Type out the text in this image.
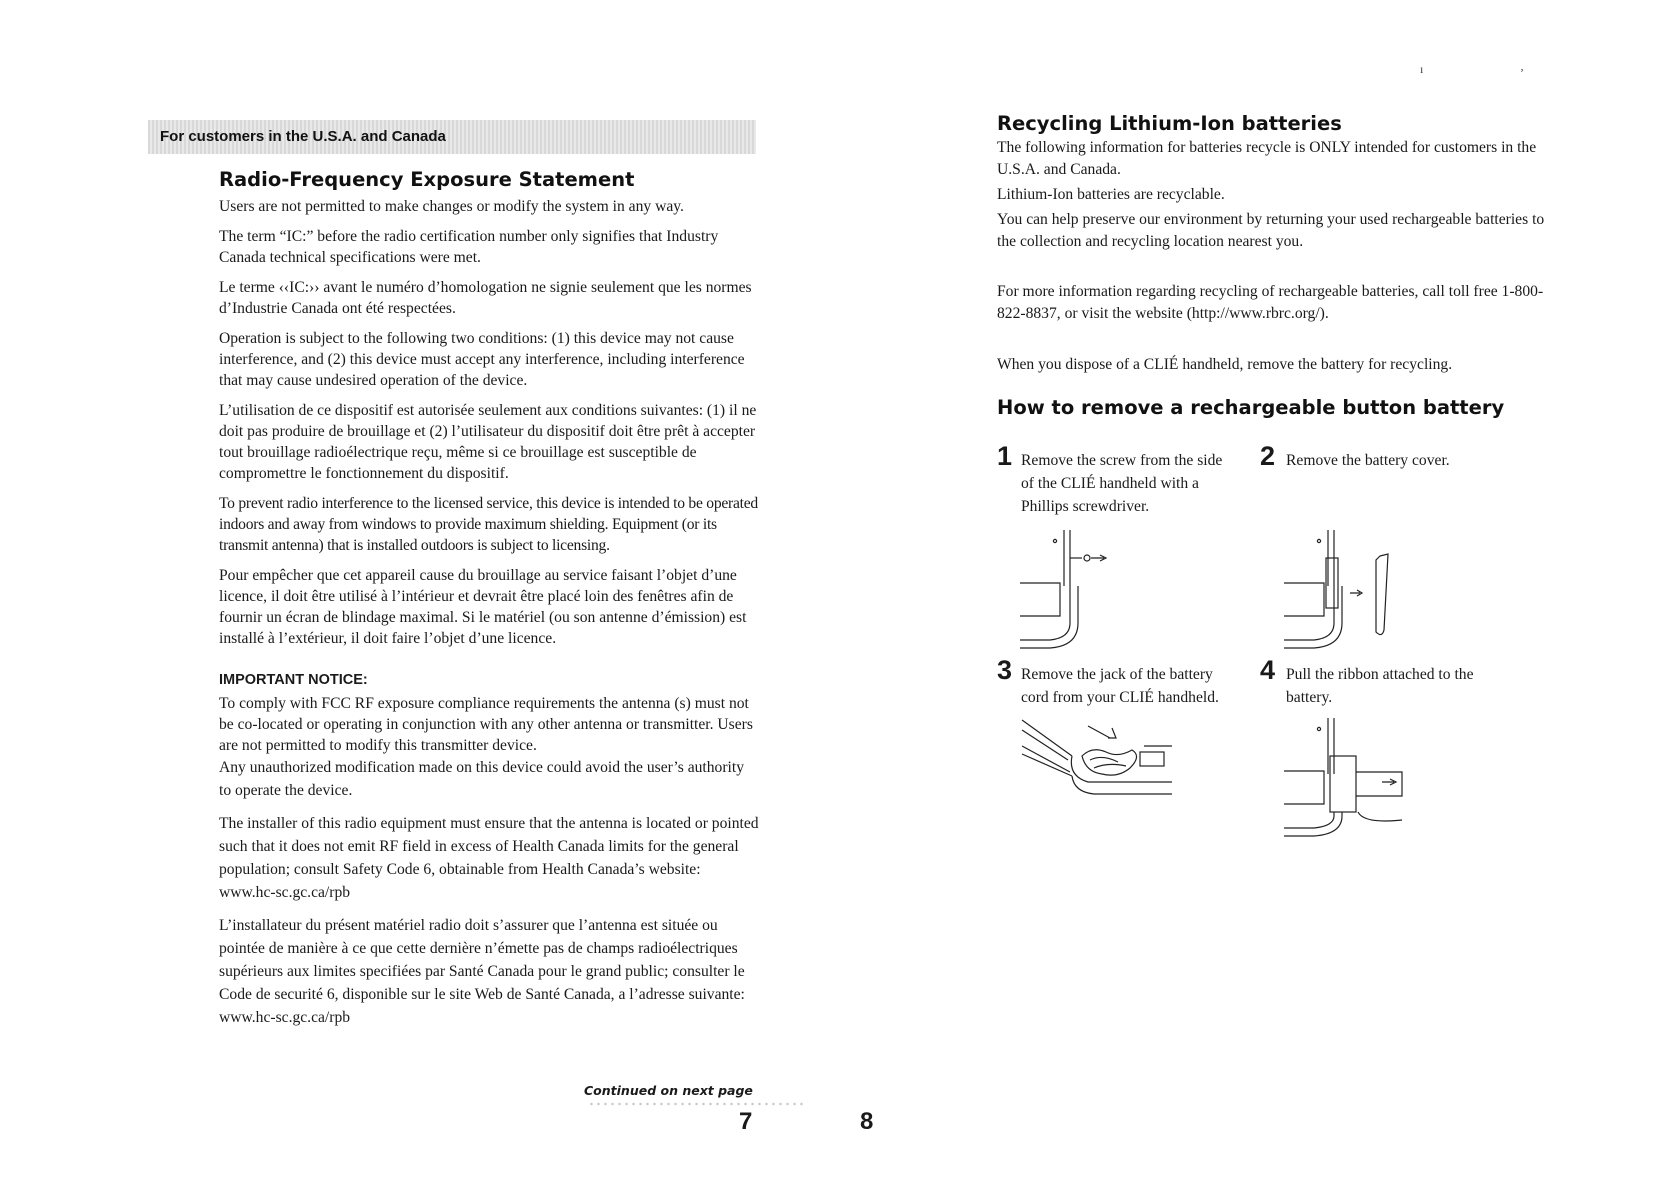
For customers in the U.S.A. and Canada
Radio-Frequency Exposure Statement

Users are not permitted to make changes or modify the system in any way.

The term “IC:” before the radio certification number only signifies that Industry Canada technical specifications were met.

Le terme ‹‹IC:›› avant le numéro d’homologation ne signie seulement que les normes d’Industrie Canada ont été respectées.

Operation is subject to the following two conditions: (1) this device may not cause interference, and (2) this device must accept any interference, including interference that may cause undesired operation of the device.

L’utilisation de ce dispositif est autorisée seulement aux conditions suivantes: (1) il ne doit pas produire de brouillage et (2) l’utilisateur du dispositif doit être prêt à accepter tout brouillage radioélectrique reçu, même si ce brouillage est susceptible de compromettre le fonctionnement du dispositif.

To prevent radio interference to the licensed service, this device is intended to be operated indoors and away from windows to provide maximum shielding. Equipment (or its transmit antenna) that is installed outdoors is subject to licensing.

Pour empêcher que cet appareil cause du brouillage au service faisant l’objet d’une licence, il doit être utilisé à l’intérieur et devrait être placé loin des fenêtres afin de fournir un écran de blindage maximal. Si le matériel (ou son antenne d’émission) est installé à l’extérieur, il doit faire l’objet d’une licence.

IMPORTANT NOTICE:

To comply with FCC RF exposure compliance requirements the antenna (s) must not be co-located or operating in conjunction with any other antenna or transmitter. Users are not permitted to modify this transmitter device.

Any unauthorized modification made on this device could avoid the user’s authority to operate the device.

The installer of this radio equipment must ensure that the antenna is located or pointed such that it does not emit RF field in excess of Health Canada limits for the general population; consult Safety Code 6, obtainable from Health Canada’s website: www.hc-sc.gc.ca/rpb

L’installateur du présent matériel radio doit s’assurer que l’antenna est située ou pointée de manière à ce que cette dernière n’émette pas de champs radioélectriques supérieurs aux limites specifiées par Santé Canada pour le grand public; consulter le Code de securité 6, disponible sur le site Web de Santé Canada, a l’adresse suivante: www.hc-sc.gc.ca/rpb

Continued on next page
7
ʼ
ı
Recycling Lithium-Ion batteries

The following information for batteries recycle is ONLY intended for customers in the U.S.A. and Canada.

Lithium-Ion batteries are recyclable.

You can help preserve our environment by returning your used rechargeable batteries to the collection and recycling location nearest you.

For more information regarding recycling of rechargeable batteries, call toll free 1-800-822-8837, or visit the website (http://www.rbrc.org/).
When you dispose of a CLIÉ handheld, remove the battery for recycling.
How to remove a rechargeable button battery
1 Remove the screw from the side
of the CLIÉ handheld with a
Phillips screwdriver.
2 Remove the battery cover.
3 Remove the jack of the battery
cord from your CLIÉ handheld.
4 Pull the ribbon attached to the
battery.
8
